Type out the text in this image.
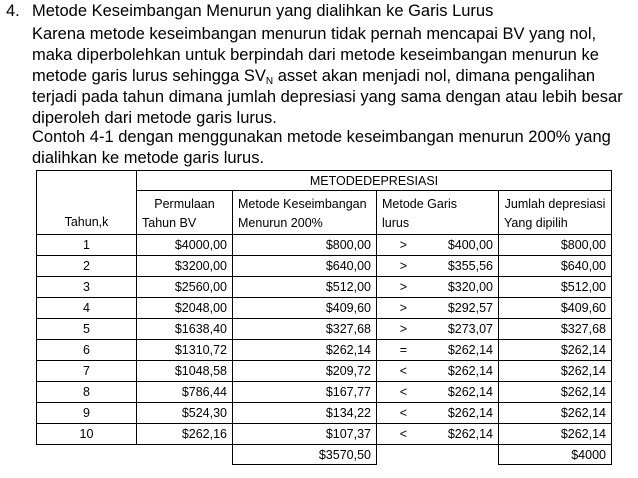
4. Metode Keseimbangan Menurun yang dialihkan ke Garis Lurus
Karena metode keseimbangan menurun tidak pernah mencapai BV yang nol, maka diperbolehkan untuk berpindah dari metode keseimbangan menurun ke metode garis lurus sehingga $SV_N$ asset akan menjadi nol, dimana pengalihan terjadi pada tahun dimana jumlah depresiasi yang sama dengan atau lebih besar diperoleh dari metode garis lurus.
Contoh 4-1 dengan menggunakan metode keseimbangan menurun 200% yang dialihkan ke metode garis lurus.
Tahun,k	METODEDEPRESIASI			
	Permulaan	Metode Keseimbangan	Metode Garis	Jumlah depresiasi
	Tahun BV	Menurun 200%	lurus	Yang dipilih
1	$4000,00	$800,00	> $400,00	$800,00
2	$3200,00	$640,00	> $355,56	$640,00
3	$2560,00	$512,00	> $320,00	$512,00
4	$2048,00	$409,60	> $292,57	$409,60
5	$1638,40	$327,68	> $273,07	$327,68
6	$1310,72	$262,14	= $262,14	$262,14
7	$1048,58	$209,72	< $262,14	$262,14
8	$786,44	$167,77	< $262,14	$262,14
9	$524,30	$134,22	< $262,14	$262,14
10	$262,16	$107,37	< $262,14	$262,14
		$3570,50		$4000
